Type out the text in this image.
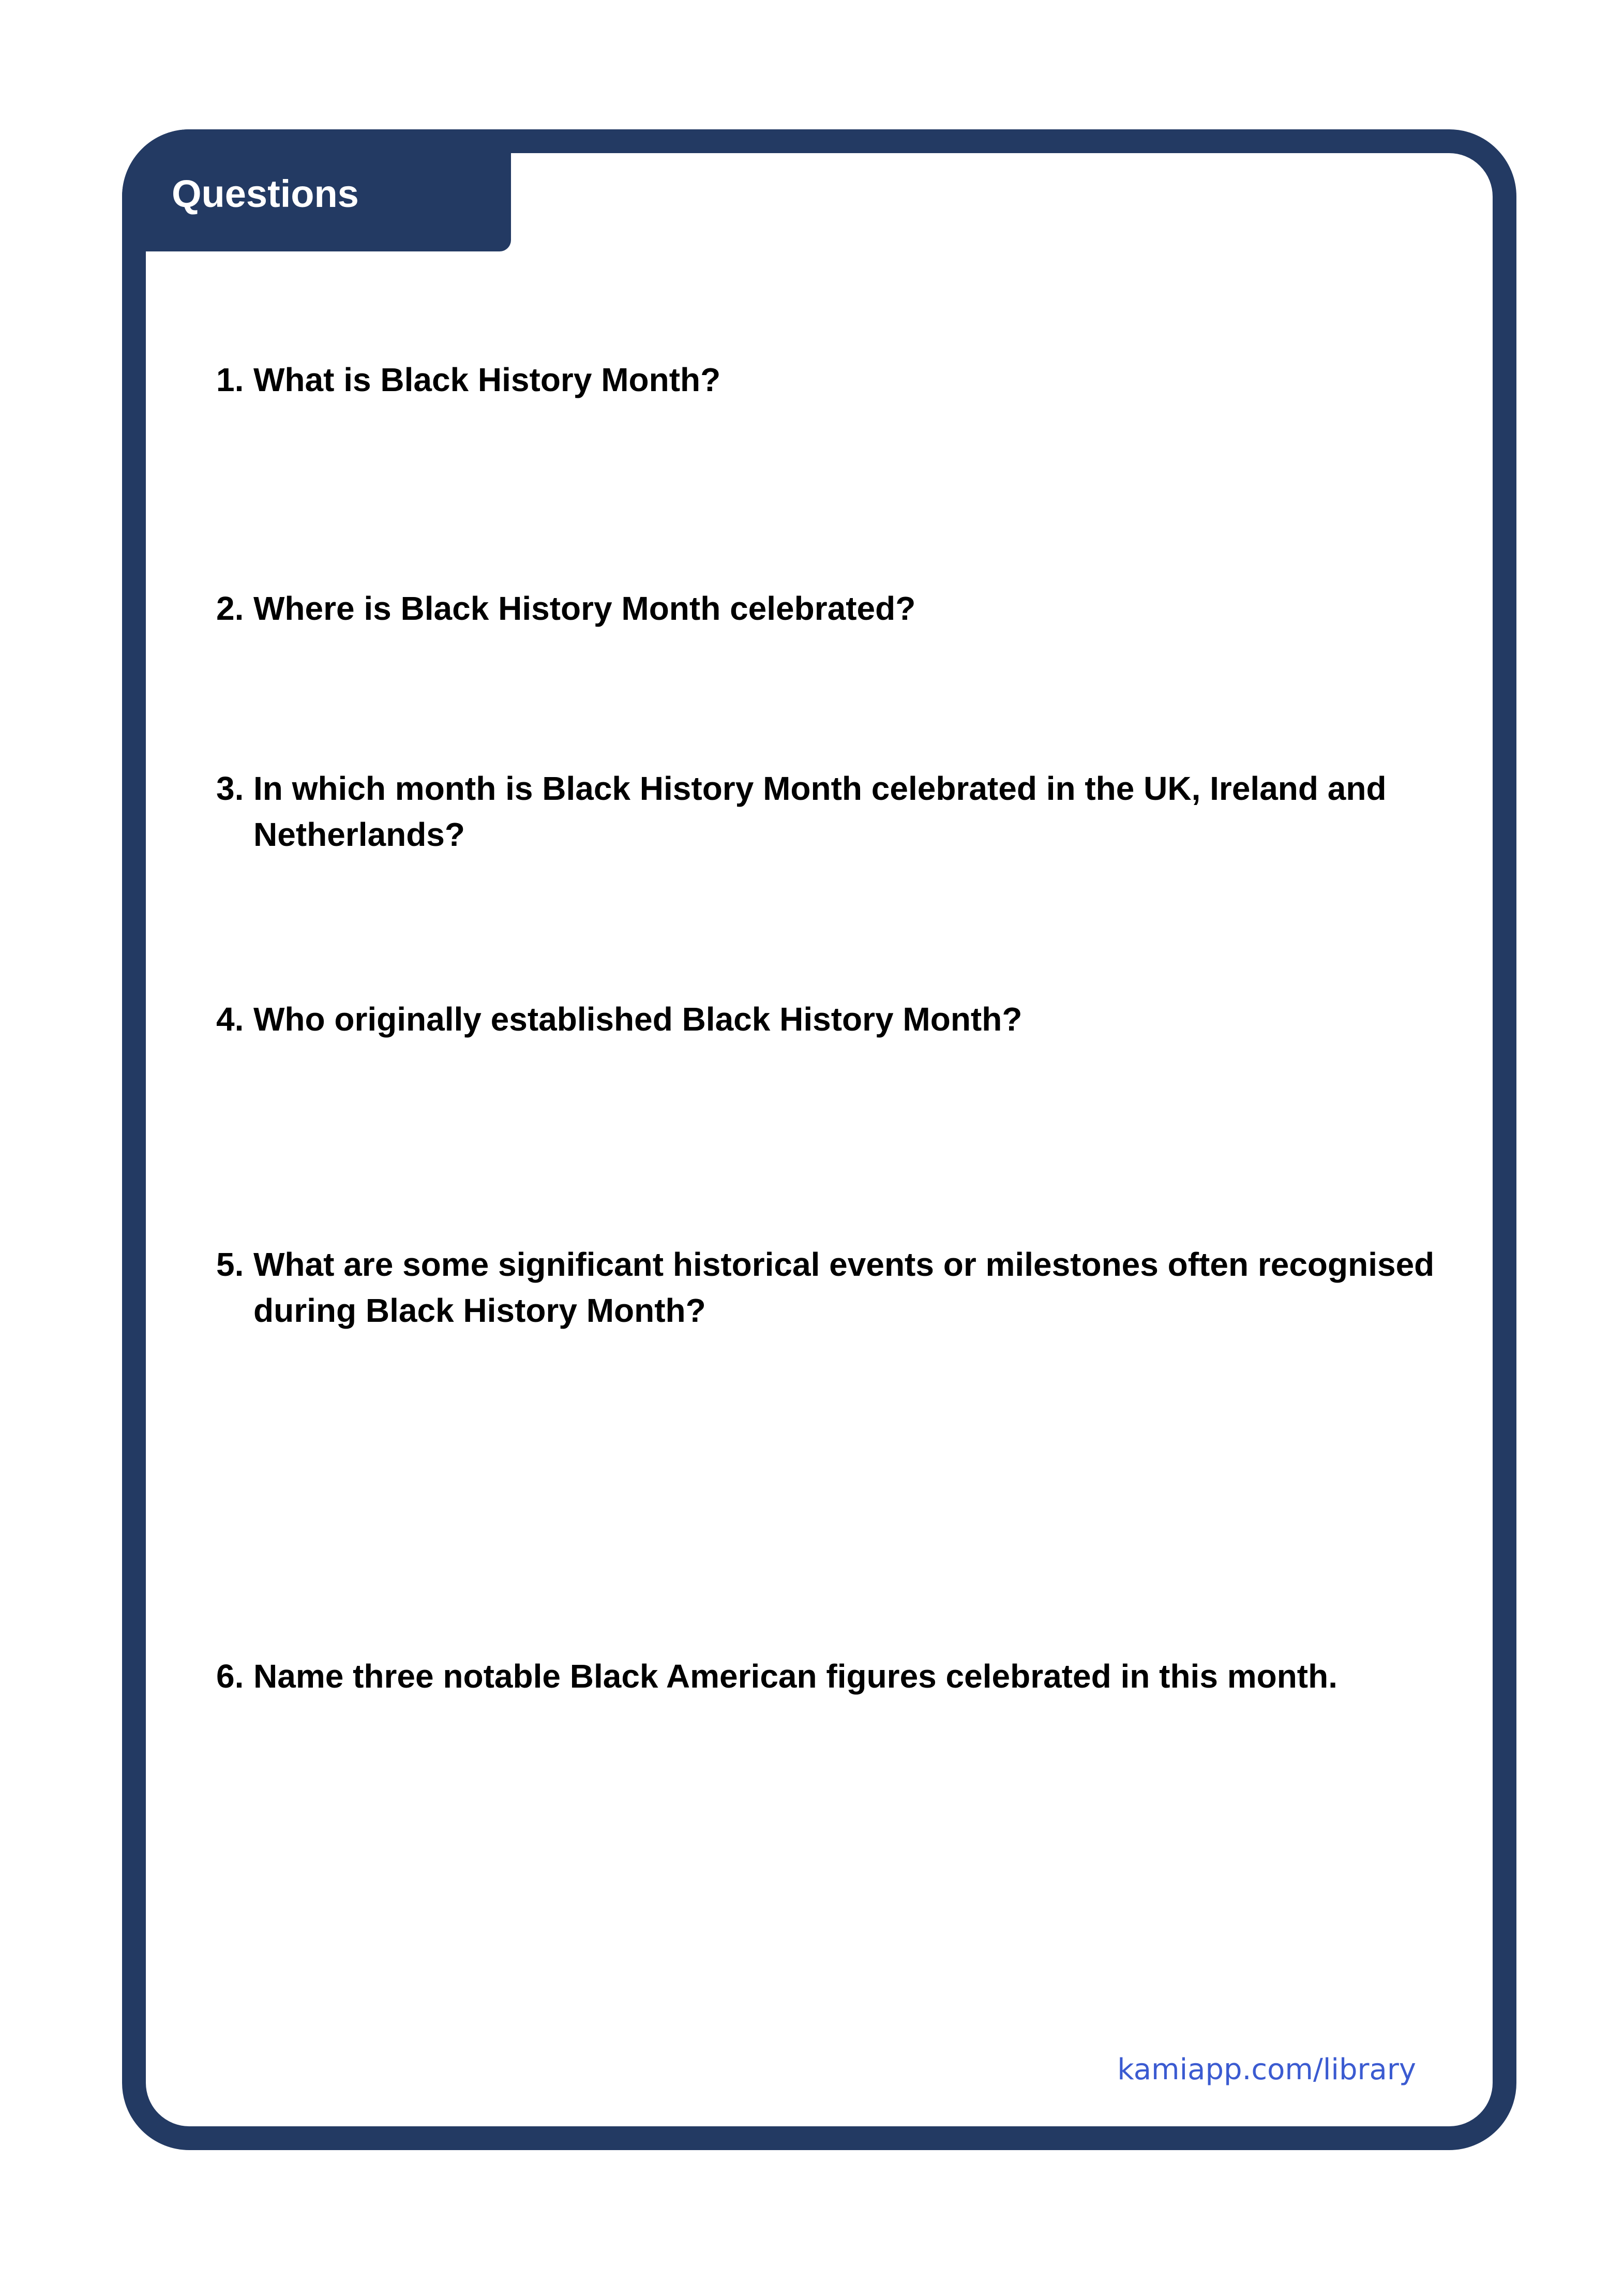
Questions
1. What is Black History Month?
2. Where is Black History Month celebrated?
3. In which month is Black History Month celebrated in the UK, Ireland and Netherlands?
4. Who originally established Black History Month?
5. What are some significant historical events or milestones often recognised during Black History Month?
6. Name three notable Black American figures celebrated in this month.
kamiapp.com/library
